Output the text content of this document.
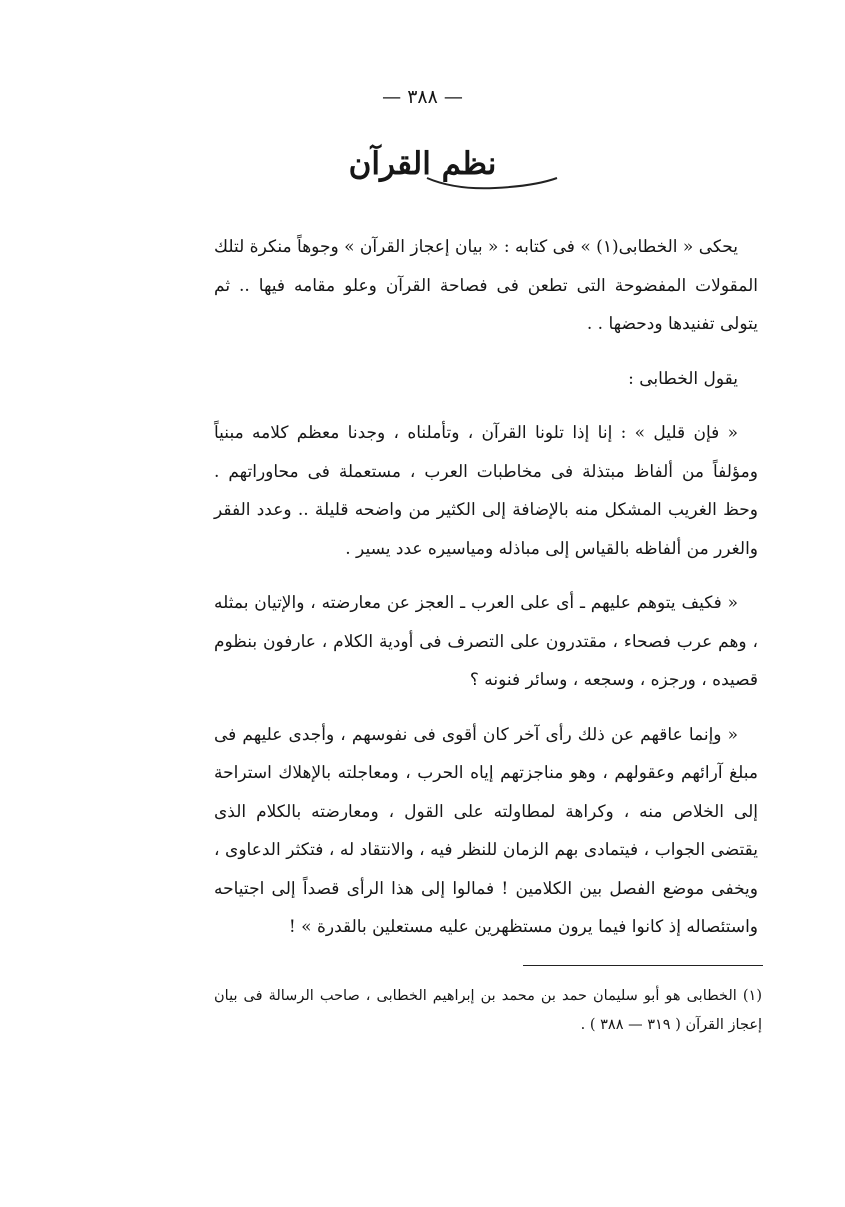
— ٣٨٨ —
نظم القرآن

يحكى « الخطابى(١) » فى كتابه : « بيان إعجاز القرآن » وجوهاً منكرة لتلك المقولات المفضوحة التى تطعن فى فصاحة القرآن وعلو مقامه فيها .. ثم يتولى تفنيدها ودحضها . .

يقول الخطابى :

« فإن قليل » : إنا إذا تلونا القرآن ، وتأملناه ، وجدنا معظم كلامه مبنياً ومؤلفاً من ألفاظ مبتذلة فى مخاطبات العرب ، مستعملة فى محاوراتهم . وحظ الغريب المشكل منه بالإضافة إلى الكثير من واضحه قليلة .. وعدد الفقر والغرر من ألفاظه بالقياس إلى مباذله ومياسيره عدد يسير .

« فكيف يتوهم عليهم ـ أى على العرب ـ العجز عن معارضته ، والإتيان بمثله ، وهم عرب فصحاء ، مقتدرون على التصرف فى أودية الكلام ، عارفون بنظوم قصيده ، ورجزه ، وسجعه ، وسائر فنونه ؟

« وإنما عاقهم عن ذلك رأى آخر كان أقوى فى نفوسهم ، وأجدى عليهم فى مبلغ آرائهم وعقولهم ، وهو مناجزتهم إياه الحرب ، ومعاجلته بالإهلاك استراحة إلى الخلاص منه ، وكراهة لمطاولته على القول ، ومعارضته بالكلام الذى يقتضى الجواب ، فيتمادى بهم الزمان للنظر فيه ، والانتقاد له ، فتكثر الدعاوى ، ويخفى موضع الفصل بين الكلامين ! فمالوا إلى هذا الرأى قصداً إلى اجتياحه واستئصاله إذ كانوا فيما يرون مستظهرين عليه مستعلين بالقدرة » !

(١) الخطابى هو أبو سليمان حمد بن محمد بن إبراهيم الخطابى ، صاحب الرسالة فى بيان إعجاز القرآن ( ٣١٩ — ٣٨٨ ) .
